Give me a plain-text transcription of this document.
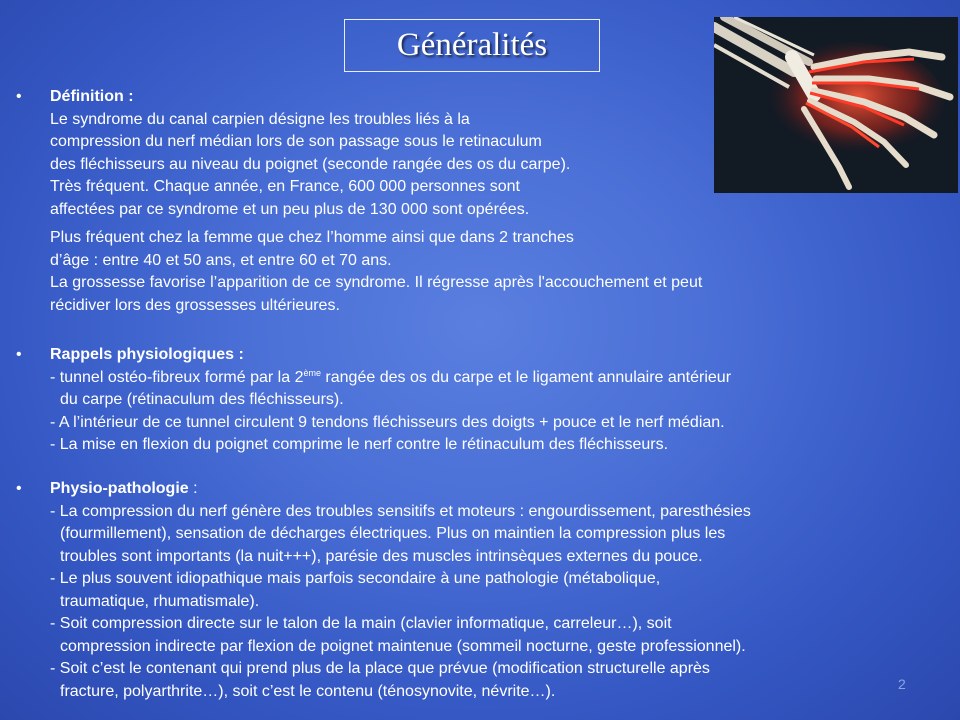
Généralités
• Définition :

Le syndrome du canal carpien désigne les troubles liés à la

compression du nerf médian lors de son passage sous le retinaculum

des fléchisseurs au niveau du poignet (seconde rangée des os du carpe).

Très fréquent. Chaque année, en France, 600 000 personnes sont

affectées par ce syndrome et un peu plus de 130 000 sont opérées.

Plus fréquent chez la femme que chez l’homme ainsi que dans 2 tranches

d’âge : entre 40 et 50 ans, et entre 60 et 70 ans.

La grossesse favorise l’apparition de ce syndrome. Il régresse après l'accouchement et peut

récidiver lors des grossesses ultérieures.

• Rappels physiologiques :

- tunnel ostéo-fibreux formé par la 2ème rangée des os du carpe et le ligament annulaire antérieur

du carpe (rétinaculum des fléchisseurs).

- A l’intérieur de ce tunnel circulent 9 tendons fléchisseurs des doigts + pouce et le nerf médian.

- La mise en flexion du poignet comprime le nerf contre le rétinaculum des fléchisseurs.

• Physio-pathologie :

- La compression du nerf génère des troubles sensitifs et moteurs : engourdissement, paresthésies

(fourmillement), sensation de décharges électriques. Plus on maintien la compression plus les

troubles sont importants (la nuit+++), parésie des muscles intrinsèques externes du pouce.

- Le plus souvent idiopathique mais parfois secondaire à une pathologie (métabolique,

traumatique, rhumatismale).

- Soit compression directe sur le talon de la main (clavier informatique, carreleur…), soit

compression indirecte par flexion de poignet maintenue (sommeil nocturne, geste professionnel).

- Soit c’est le contenant qui prend plus de la place que prévue (modification structurelle après

fracture, polyarthrite…), soit c’est le contenu (ténosynovite, névrite…).	2
